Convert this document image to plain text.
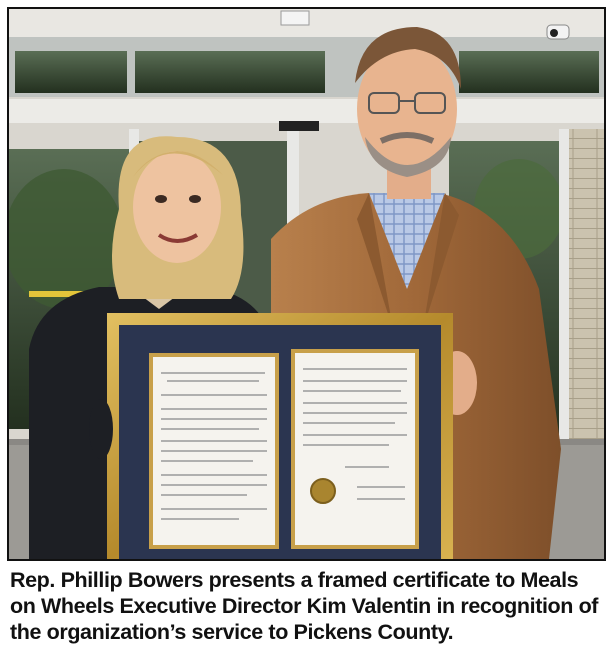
Rep. Phillip Bowers presents a framed certificate to Meals on Wheels Executive Director Kim Valentin in recognition of the organization’s service to Pickens County.
